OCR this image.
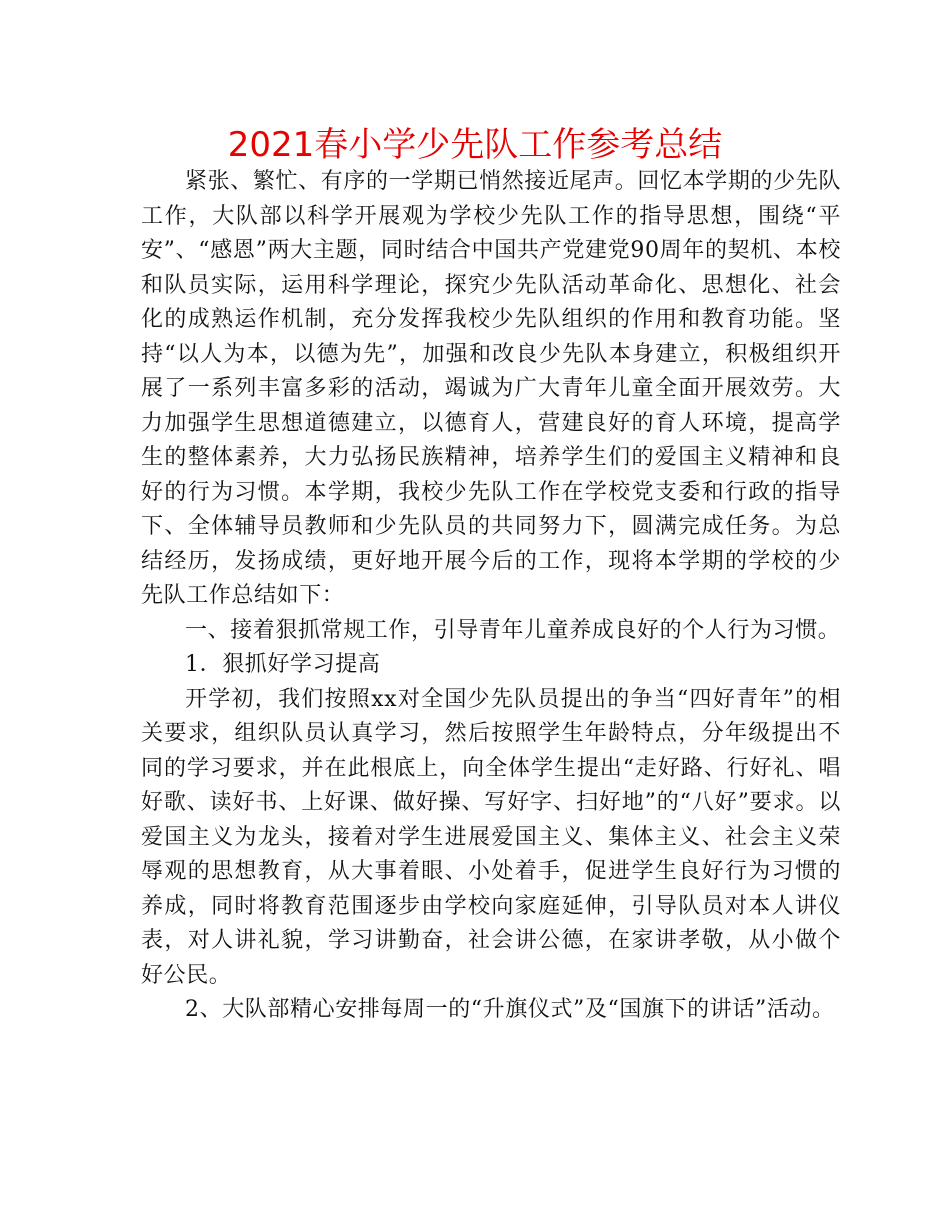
2021春小学少先队工作参考总结

紧张、繁忙、有序的一学期已悄然接近尾声。回忆本学期的少先队工作，大队部以科学开展观为学校少先队工作的指导思想，围绕“平安”、“感恩”两大主题，同时结合中国共产党建党90周年的契机、本校和队员实际，运用科学理论，探究少先队活动革命化、思想化、社会化的成熟运作机制，充分发挥我校少先队组织的作用和教育功能。坚持“以人为本，以德为先”，加强和改良少先队本身建立，积极组织开展了一系列丰富多彩的活动，竭诚为广大青年儿童全面开展效劳。大力加强学生思想道德建立，以德育人，营建良好的育人环境，提高学生的整体素养，大力弘扬民族精神，培养学生们的爱国主义精神和良好的行为习惯。本学期，我校少先队工作在学校党支委和行政的指导下、全体辅导员教师和少先队员的共同努力下，圆满完成任务。为总结经历，发扬成绩，更好地开展今后的工作，现将本学期的学校的少先队工作总结如下：

一、接着狠抓常规工作，引导青年儿童养成良好的个人行为习惯。

1．狠抓好学习提高

开学初，我们按照xx对全国少先队员提出的争当“四好青年”的相关要求，组织队员认真学习，然后按照学生年龄特点，分年级提出不同的学习要求，并在此根底上，向全体学生提出“走好路、行好礼、唱好歌、读好书、上好课、做好操、写好字、扫好地”的“八好”要求。以爱国主义为龙头，接着对学生进展爱国主义、集体主义、社会主义荣辱观的思想教育，从大事着眼、小处着手，促进学生良好行为习惯的养成，同时将教育范围逐步由学校向家庭延伸，引导队员对本人讲仪表，对人讲礼貌，学习讲勤奋，社会讲公德，在家讲孝敬，从小做个好公民。

2、大队部精心安排每周一的“升旗仪式”及“国旗下的讲话”活动。
